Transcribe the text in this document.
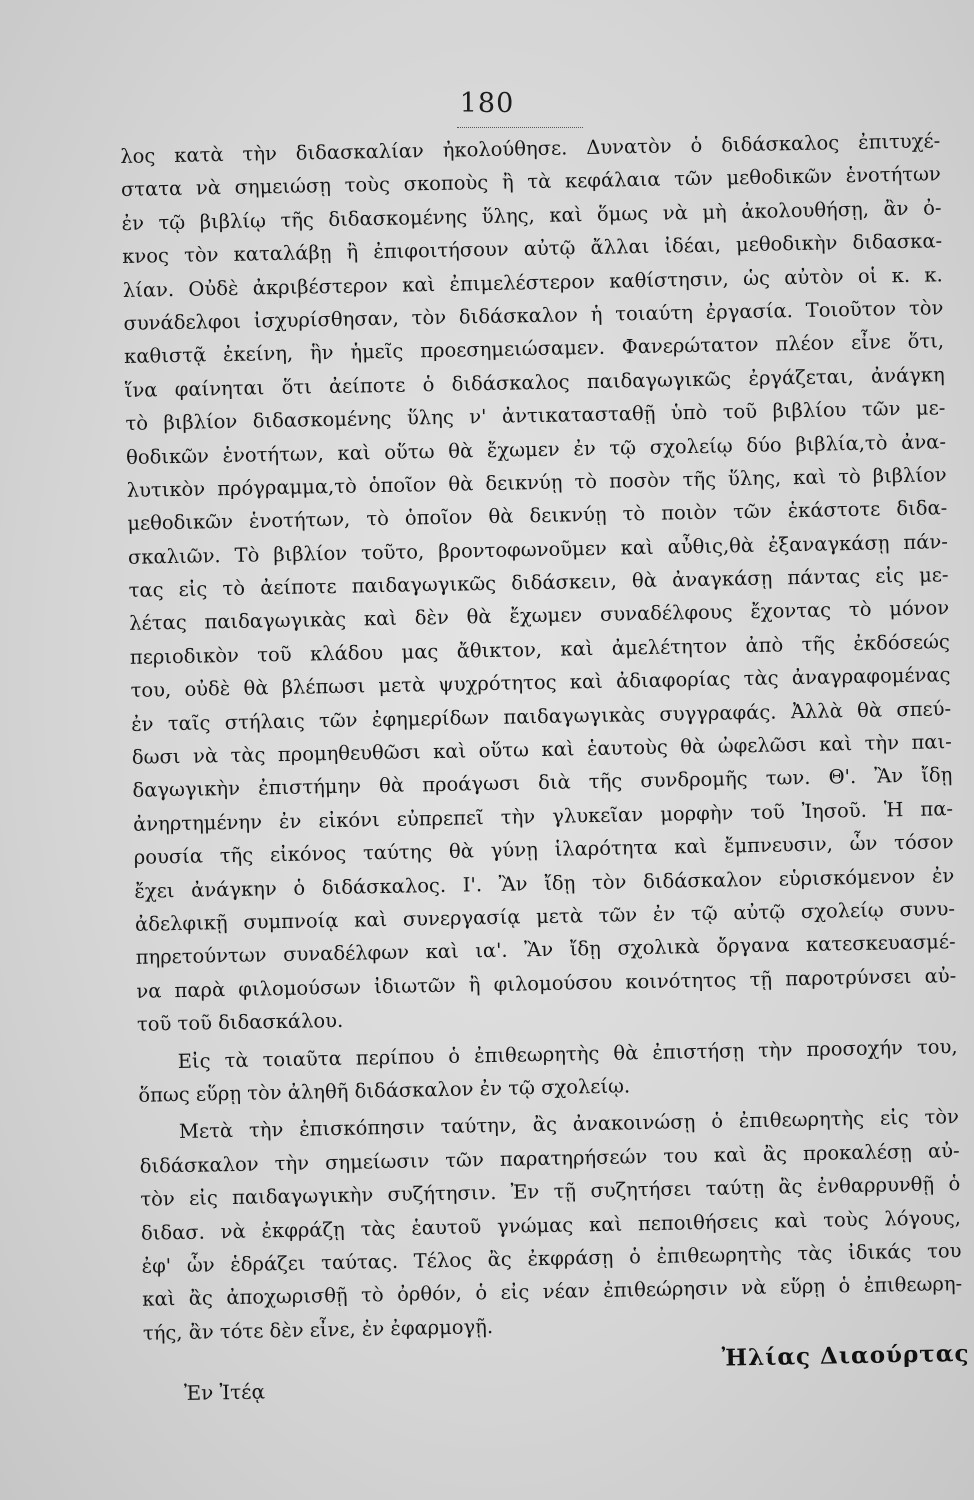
180
λος κατὰ τὴν διδασκαλίαν ἠκολούθησε. Δυνατὸν ὁ διδάσκαλος ἐπιτυχέ-
στατα νὰ σημειώσῃ τοὺς σκοποὺς ἢ τὰ κεφάλαια τῶν μεθοδικῶν ἑνοτήτων
ἐν τῷ βιβλίῳ τῆς διδασκομένης ὕλης, καὶ ὅμως νὰ μὴ ἀκολουθήσῃ, ἂν ὀ-
κνος τὸν καταλάβῃ ἢ ἐπιφοιτήσουν αὐτῷ ἄλλαι ἰδέαι, μεθοδικὴν διδασκα-
λίαν. Οὐδὲ ἀκριβέστερον καὶ ἐπιμελέστερον καθίστησιν, ὡς αὐτὸν οἱ κ. κ.
συνάδελφοι ἰσχυρίσθησαν, τὸν διδάσκαλον ἡ τοιαύτη ἐργασία. Τοιοῦτον τὸν
καθιστᾷ ἐκείνη, ἣν ἡμεῖς προεσημειώσαμεν. Φανερώτατον πλέον εἶνε ὅτι,
ἵνα φαίνηται ὅτι ἀείποτε ὁ διδάσκαλος παιδαγωγικῶς ἐργάζεται, ἀνάγκη
τὸ βιβλίον διδασκομένης ὕλης ν' ἀντικατασταθῇ ὑπὸ τοῦ βιβλίου τῶν με-
θοδικῶν ἑνοτήτων, καὶ οὕτω θὰ ἔχωμεν ἐν τῷ σχολείῳ δύο βιβλία,τὸ ἀνα-
λυτικὸν πρόγραμμα,τὸ ὁποῖον θὰ δεικνύῃ τὸ ποσὸν τῆς ὕλης, καὶ τὸ βιβλίον
μεθοδικῶν ἑνοτήτων, τὸ ὁποῖον θὰ δεικνύῃ τὸ ποιὸν τῶν ἑκάστοτε διδα-
σκαλιῶν. Τὸ βιβλίον τοῦτο, βροντοφωνοῦμεν καὶ αὖθις,θὰ ἐξαναγκάσῃ πάν-
τας εἰς τὸ ἀείποτε παιδαγωγικῶς διδάσκειν, θὰ ἀναγκάσῃ πάντας εἰς με-
λέτας παιδαγωγικὰς καὶ δὲν θὰ ἔχωμεν συναδέλφους ἔχοντας τὸ μόνον
περιοδικὸν τοῦ κλάδου μας ἄθικτον, καὶ ἀμελέτητον ἀπὸ τῆς ἐκδόσεώς
του, οὐδὲ θὰ βλέπωσι μετὰ ψυχρότητος καὶ ἀδιαφορίας τὰς ἀναγραφομένας
ἐν ταῖς στήλαις τῶν ἐφημερίδων παιδαγωγικὰς συγγραφάς. Ἀλλὰ θὰ σπεύ-
δωσι νὰ τὰς προμηθευθῶσι καὶ οὕτω καὶ ἑαυτοὺς θὰ ὠφελῶσι καὶ τὴν παι-
δαγωγικὴν ἐπιστήμην θὰ προάγωσι διὰ τῆς συνδρομῆς των. Θ'. Ἂν ἴδῃ
ἀνηρτημένην ἐν εἰκόνι εὐπρεπεῖ τὴν γλυκεῖαν μορφὴν τοῦ Ἰησοῦ. Ἡ πα-
ρουσία τῆς εἰκόνος ταύτης θὰ γύνῃ ἱλαρότητα καὶ ἔμπνευσιν, ὧν τόσον
ἔχει ἀνάγκην ὁ διδάσκαλος. Ι'. Ἂν ἴδῃ τὸν διδάσκαλον εὑρισκόμενον ἐν
ἀδελφικῇ συμπνοίᾳ καὶ συνεργασίᾳ μετὰ τῶν ἐν τῷ αὐτῷ σχολείῳ συνυ-
πηρετούντων συναδέλφων καὶ ια'. Ἂν ἴδῃ σχολικὰ ὄργανα κατεσκευασμέ-
να παρὰ φιλομούσων ἰδιωτῶν ἢ φιλομούσου κοινότητος τῇ παροτρύνσει αὐ-
τοῦ τοῦ διδασκάλου.
Εἰς τὰ τοιαῦτα περίπου ὁ ἐπιθεωρητὴς θὰ ἐπιστήσῃ τὴν προσοχήν του,
ὅπως εὕρῃ τὸν ἀληθῆ διδάσκαλον ἐν τῷ σχολείῳ.
Μετὰ τὴν ἐπισκόπησιν ταύτην, ἂς ἀνακοινώσῃ ὁ ἐπιθεωρητὴς εἰς τὸν
διδάσκαλον τὴν σημείωσιν τῶν παρατηρήσεών του καὶ ἂς προκαλέσῃ αὐ-
τὸν εἰς παιδαγωγικὴν συζήτησιν. Ἐν τῇ συζητήσει ταύτῃ ἂς ἐνθαρρυνθῇ ὁ
διδασ. νὰ ἐκφράζῃ τὰς ἑαυτοῦ γνώμας καὶ πεποιθήσεις καὶ τοὺς λόγους,
ἐφ' ὧν ἑδράζει ταύτας. Τέλος ἂς ἐκφράσῃ ὁ ἐπιθεωρητὴς τὰς ἰδικάς του
καὶ ἂς ἀποχωρισθῇ τὸ ὀρθόν, ὁ εἰς νέαν ἐπιθεώρησιν νὰ εὕρῃ ὁ ἐπιθεωρη-
τής, ἂν τότε δὲν εἶνε, ἐν ἐφαρμογῇ.
Ἠλίας Διαούρτας
Ἐν Ἰτέᾳ
